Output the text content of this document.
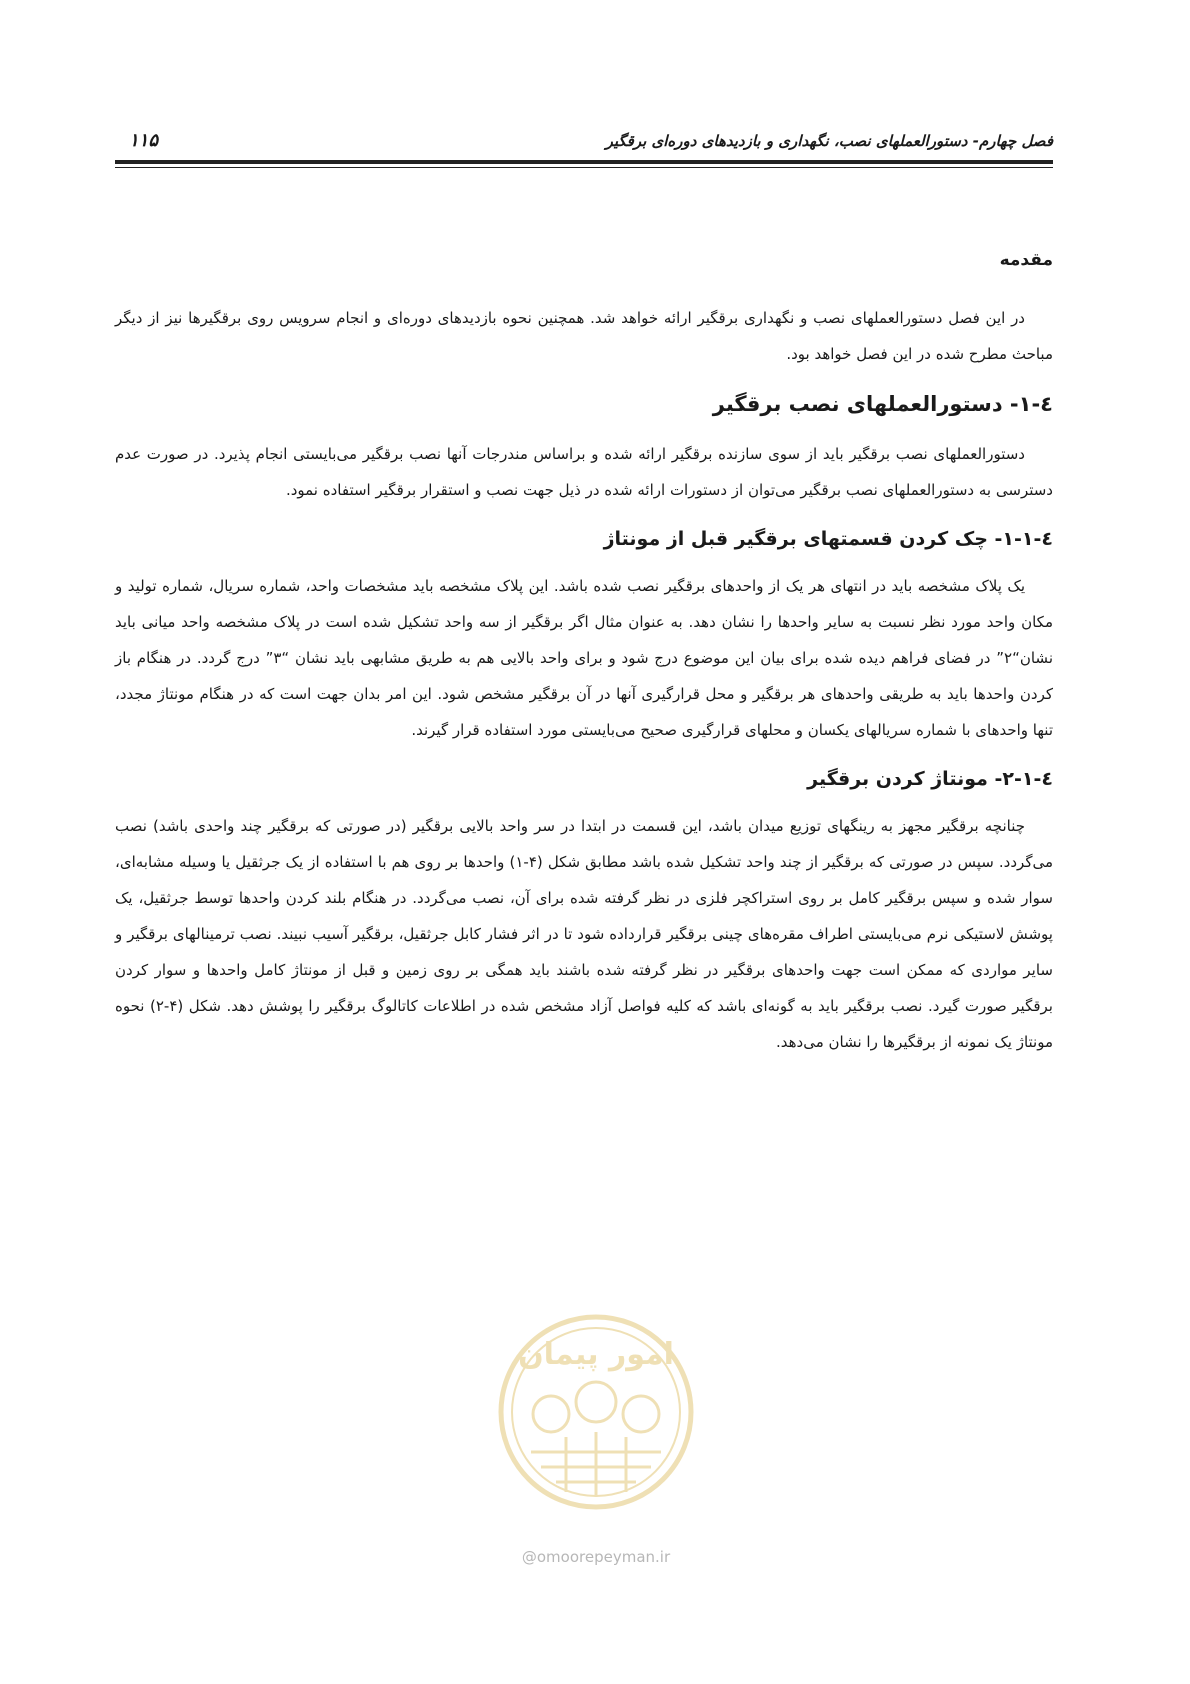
فصل چهارم- دستورالعملهای نصب، نگهداری و بازدیدهای دوره‌ای برقگیر
۱۱۵
مقدمه

در این فصل دستورالعملهای نصب و نگهداری برقگیر ارائه خواهد شد. همچنین نحوه بازدیدهای دوره‌ای و انجام سرویس روی برقگیرها نیز از دیگر مباحث مطرح شده در این فصل خواهد بود.

٤-١- دستورالعملهای نصب برقگیر

دستورالعملهای نصب برقگیر باید از سوی سازنده برقگیر ارائه شده و براساس مندرجات آنها نصب برقگیر می‌بایستی انجام پذیرد. در صورت عدم دسترسی به دستورالعملهای نصب برقگیر می‌توان از دستورات ارائه شده در ذیل جهت نصب و استقرار برقگیر استفاده نمود.

٤-١-١- چک کردن قسمتهای برقگیر قبل از مونتاژ

یک پلاک مشخصه باید در انتهای هر یک از واحدهای برقگیر نصب شده باشد. این پلاک مشخصه باید مشخصات واحد، شماره سریال، شماره تولید و مکان واحد مورد نظر نسبت به سایر واحدها را نشان دهد. به عنوان مثال اگر برقگیر از سه واحد تشکیل شده است در پلاک مشخصه واحد میانی باید نشان“٢” در فضای فراهم دیده شده برای بیان این موضوع درج شود و برای واحد بالایی هم به طریق مشابهی باید نشان “٣” درج گردد. در هنگام باز کردن واحدها باید به طریقی واحدهای هر برقگیر و محل قرارگیری آنها در آن برقگیر مشخص شود. این امر بدان جهت است که در هنگام مونتاژ مجدد، تنها واحدهای با شماره سریالهای یکسان و محلهای قرارگیری صحیح می‌بایستی مورد استفاده قرار گیرند.

٤-١-٢- مونتاژ کردن برقگیر

چنانچه برقگیر مجهز به رینگهای توزیع میدان باشد، این قسمت در ابتدا در سر واحد بالایی برقگیر (در صورتی که برقگیر چند واحدی باشد) نصب می‌گردد. سپس در صورتی که برقگیر از چند واحد تشکیل شده باشد مطابق شکل (۴-۱) واحدها بر روی هم با استفاده از یک جرثقیل یا وسیله مشابه‌ای، سوار شده و سپس برقگیر کامل بر روی استراکچر فلزی در نظر گرفته شده برای آن، نصب می‌گردد. در هنگام بلند کردن واحدها توسط جرثقیل، یک پوشش لاستیکی نرم می‌بایستی اطراف مقره‌های چینی برقگیر قرارداده شود تا در اثر فشار کابل جرثقیل، برقگیر آسیب نبیند. نصب ترمینالهای برقگیر و سایر مواردی که ممکن است جهت واحدهای برقگیر در نظر گرفته شده باشند باید همگی بر روی زمین و قبل از مونتاژ کامل واحدها و سوار کردن برقگیر صورت گیرد. نصب برقگیر باید به گونه‌ای باشد که کلیه فواصل آزاد مشخص شده در اطلاعات کاتالوگ برقگیر را پوشش دهد. شکل (۴-۲) نحوه مونتاژ یک نمونه از برقگیرها را نشان می‌دهد.

امور پیمان
@omoorepeyman.ir
